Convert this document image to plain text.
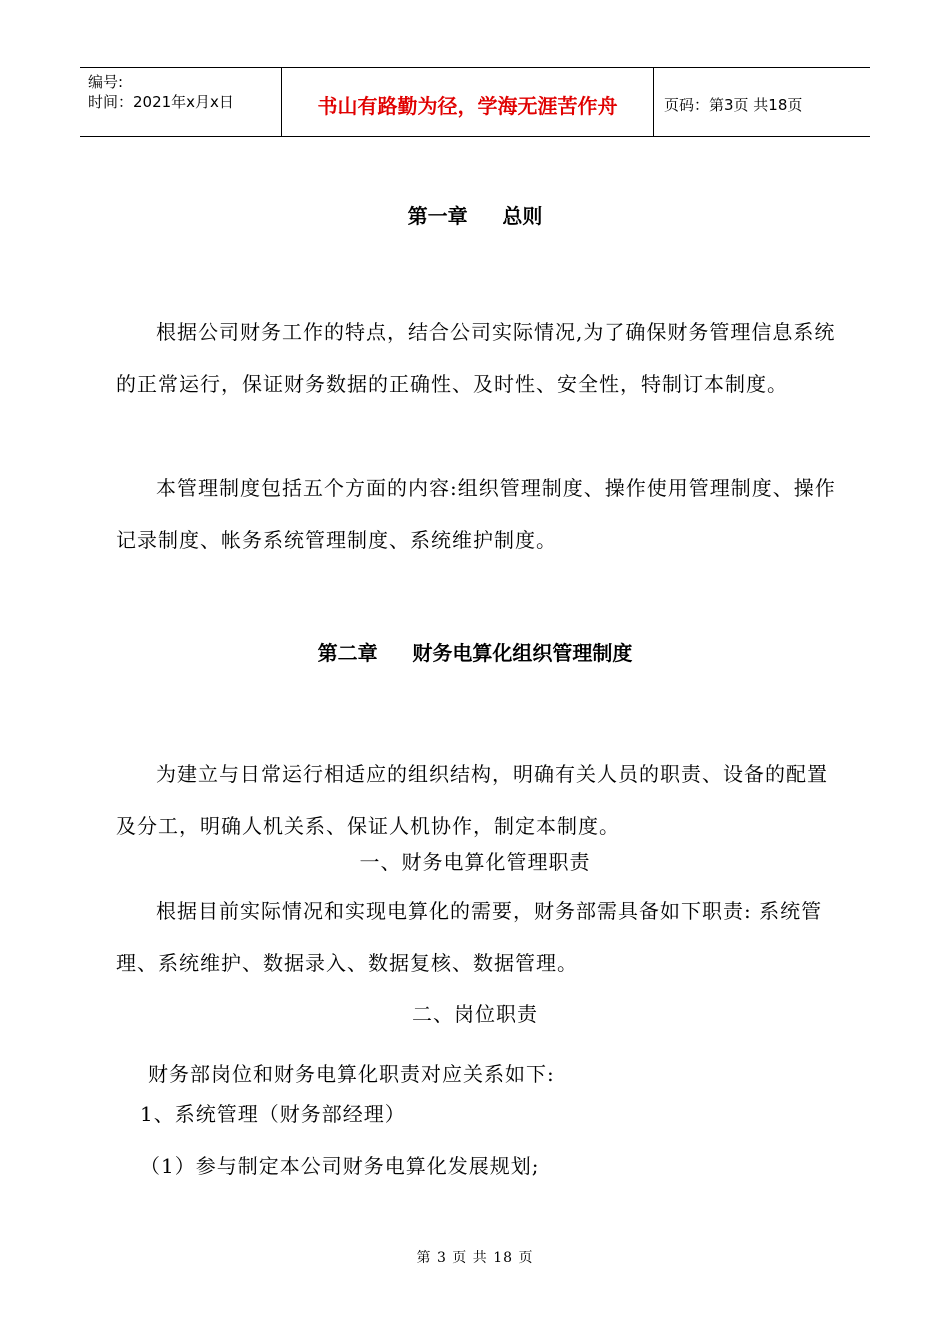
编号:
时间：2021年x月x日	书山有路勤为径，学海无涯苦作舟	页码：第3页 共18页
第一章     总则
根据公司财务工作的特点，结合公司实际情况,为了确保财务管理信息系统的正常运行，保证财务数据的正确性、及时性、安全性，特制订本制度。
本管理制度包括五个方面的内容:组织管理制度、操作使用管理制度、操作记录制度、帐务系统管理制度、系统维护制度。
第二章     财务电算化组织管理制度
为建立与日常运行相适应的组织结构，明确有关人员的职责、设备的配置及分工，明确人机关系、保证人机协作，制定本制度。
一、财务电算化管理职责
根据目前实际情况和实现电算化的需要，财务部需具备如下职责: 系统管理、系统维护、数据录入、数据复核、数据管理。
二、岗位职责
财务部岗位和财务电算化职责对应关系如下:
1、系统管理（财务部经理）
（1）参与制定本公司财务电算化发展规划;
第 3 页 共 18 页
